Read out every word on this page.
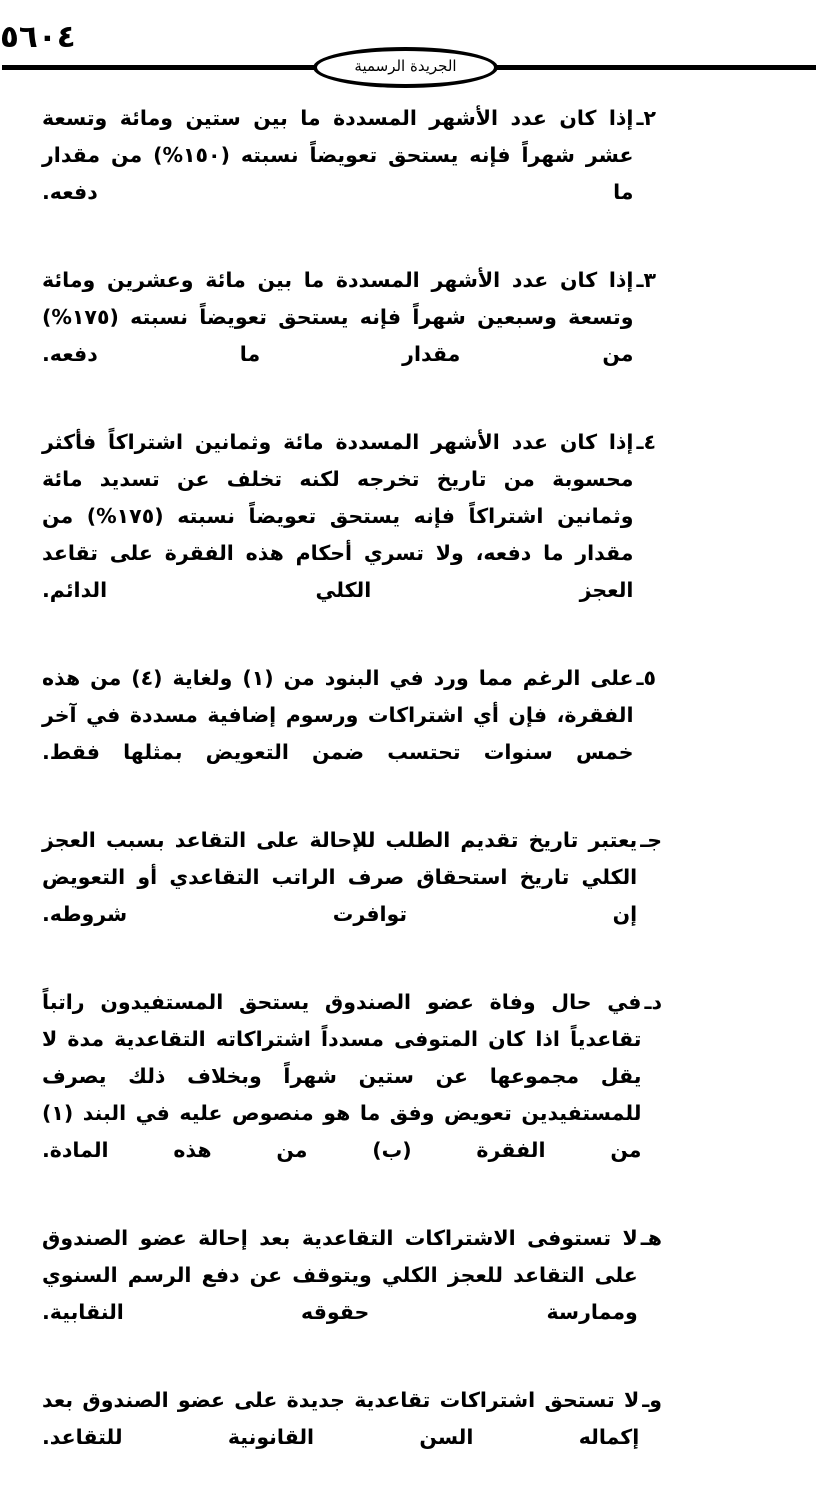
٥٦٠٤
الجريدة الرسمية
٢ـ
إذا كان عدد الأشهر المسددة ما بين ستين ومائة وتسعة عشر شهراً فإنه يستحق تعويضاً نسبته (١٥٠%) من مقدار ما دفعه.
٣ـ
إذا كان عدد الأشهر المسددة ما بين مائة وعشرين ومائة وتسعة وسبعين شهراً فإنه يستحق تعويضاً نسبته (١٧٥%) من مقدار ما دفعه.
٤ـ
إذا كان عدد الأشهر المسددة مائة وثمانين اشتراكاً فأكثر محسوبة من تاريخ تخرجه لكنه تخلف عن تسديد مائة وثمانين اشتراكاً فإنه يستحق تعويضاً نسبته (١٧٥%) من مقدار ما دفعه، ولا تسري أحكام هذه الفقرة على تقاعد العجز الكلي الدائم.
٥ـ
على الرغم مما ورد في البنود من (١) ولغاية (٤) من هذه الفقرة، فإن أي اشتراكات ورسوم إضافية مسددة في آخر خمس سنوات تحتسب ضمن التعويض بمثلها فقط.
جـ
يعتبر تاريخ تقديم الطلب للإحالة على التقاعد بسبب العجز الكلي تاريخ استحقاق صرف الراتب التقاعدي أو التعويض إن توافرت شروطه.
دـ
في حال وفاة عضو الصندوق يستحق المستفيدون راتباً تقاعدياً اذا كان المتوفى مسدداً اشتراكاته التقاعدية مدة لا يقل مجموعها عن ستين شهراً وبخلاف ذلك يصرف للمستفيدين تعويض وفق ما هو منصوص عليه في البند (١) من الفقرة (ب) من هذه المادة.
هـ
لا تستوفى الاشتراكات التقاعدية بعد إحالة عضو الصندوق على التقاعد للعجز الكلي ويتوقف عن دفع الرسم السنوي وممارسة حقوقه النقابية.
وـ
لا تستحق اشتراكات تقاعدية جديدة على عضو الصندوق بعد إكماله السن القانونية للتقاعد.
